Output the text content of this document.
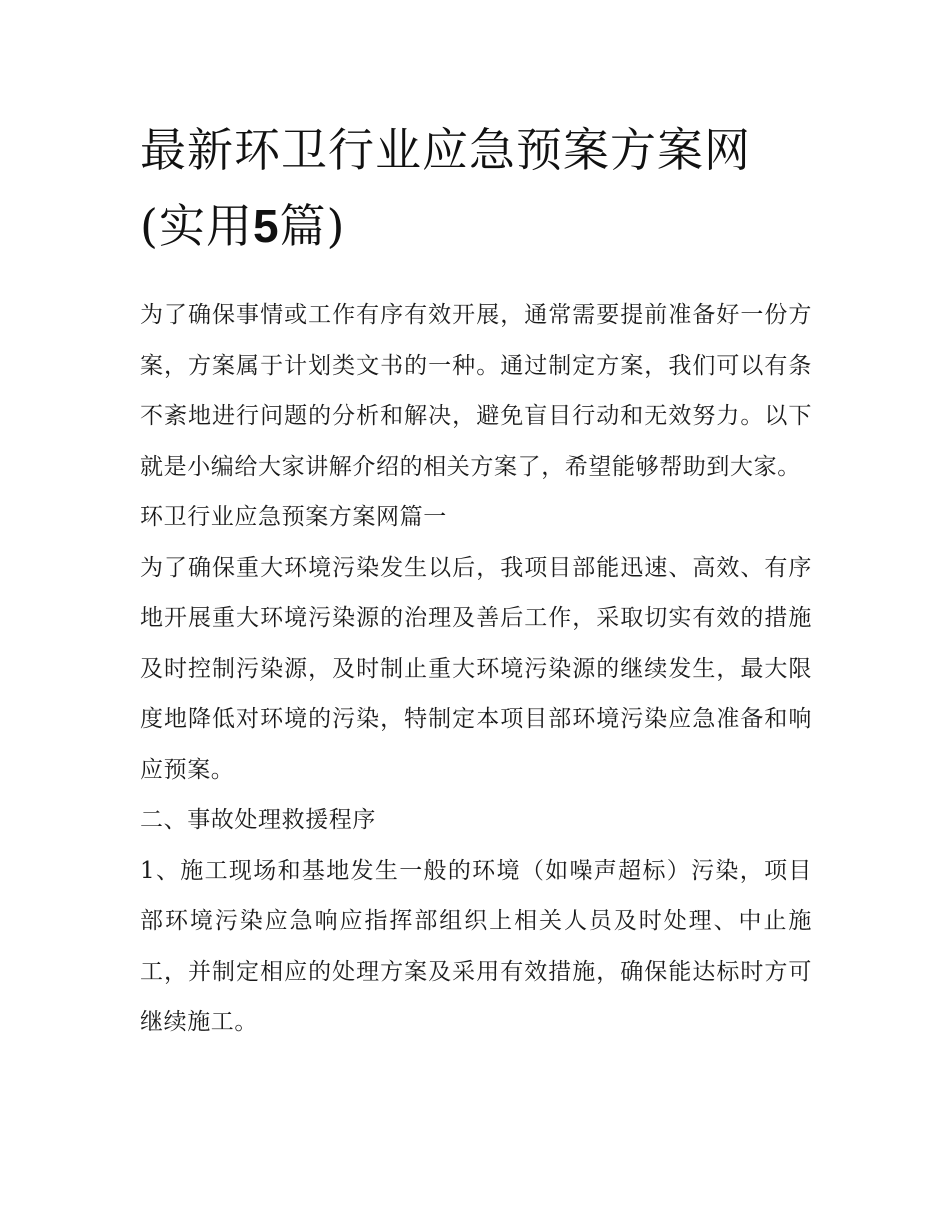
最新环卫行业应急预案方案网
(实用5篇)

为了确保事情或工作有序有效开展，通常需要提前准备好一份方案，方案属于计划类文书的一种。通过制定方案，我们可以有条不紊地进行问题的分析和解决，避免盲目行动和无效努力。以下就是小编给大家讲解介绍的相关方案了，希望能够帮助到大家。

环卫行业应急预案方案网篇一

为了确保重大环境污染发生以后，我项目部能迅速、高效、有序地开展重大环境污染源的治理及善后工作，采取切实有效的措施及时控制污染源，及时制止重大环境污染源的继续发生，最大限度地降低对环境的污染，特制定本项目部环境污染应急准备和响应预案。

二、事故处理救援程序

1、施工现场和基地发生一般的环境（如噪声超标）污染，项目部环境污染应急响应指挥部组织上相关人员及时处理、中止施工，并制定相应的处理方案及采用有效措施，确保能达标时方可继续施工。
